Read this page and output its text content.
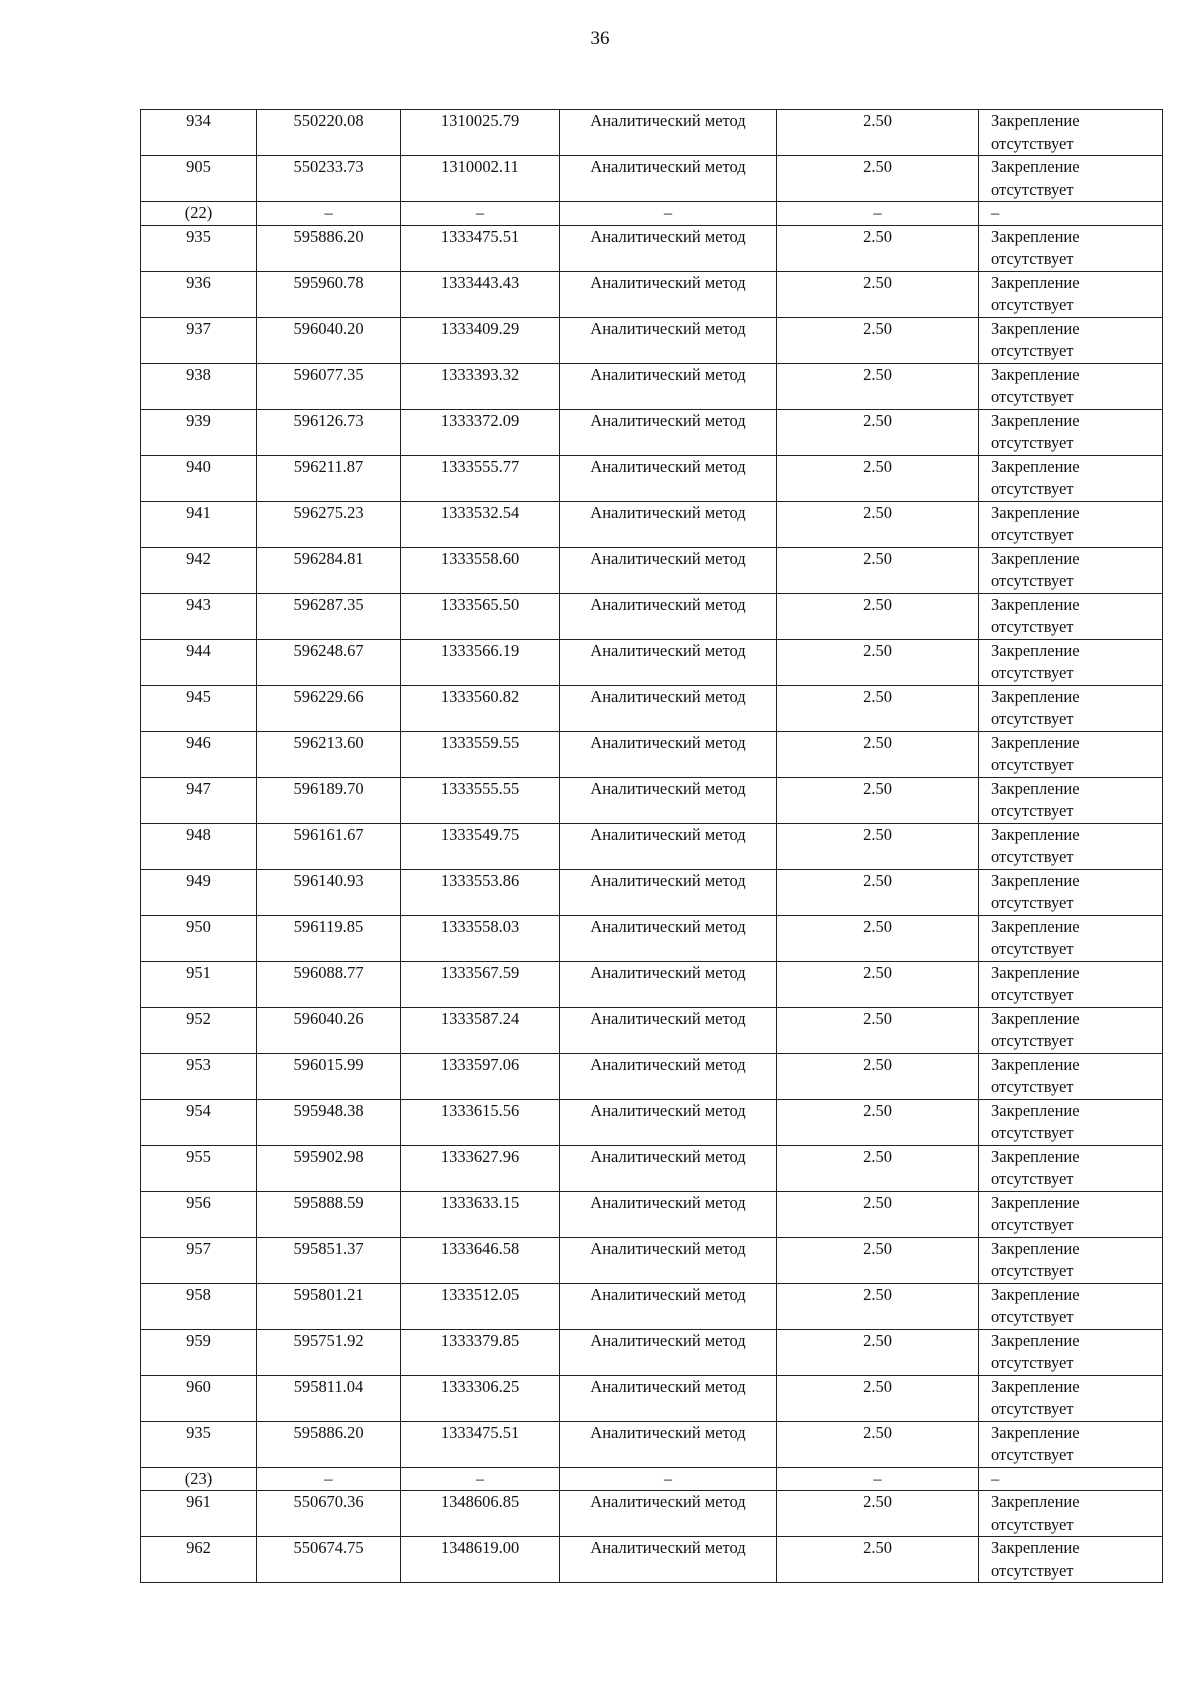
36
934	550220.08	1310025.79	Аналитический метод	2.50	Закрепление
отсутствует

905	550233.73	1310002.11	Аналитический метод	2.50	Закрепление
отсутствует

(22)	–	–	–	–	–
935	595886.20	1333475.51	Аналитический метод	2.50	Закрепление
отсутствует

936	595960.78	1333443.43	Аналитический метод	2.50	Закрепление
отсутствует

937	596040.20	1333409.29	Аналитический метод	2.50	Закрепление
отсутствует

938	596077.35	1333393.32	Аналитический метод	2.50	Закрепление
отсутствует

939	596126.73	1333372.09	Аналитический метод	2.50	Закрепление
отсутствует

940	596211.87	1333555.77	Аналитический метод	2.50	Закрепление
отсутствует

941	596275.23	1333532.54	Аналитический метод	2.50	Закрепление
отсутствует

942	596284.81	1333558.60	Аналитический метод	2.50	Закрепление
отсутствует

943	596287.35	1333565.50	Аналитический метод	2.50	Закрепление
отсутствует

944	596248.67	1333566.19	Аналитический метод	2.50	Закрепление
отсутствует

945	596229.66	1333560.82	Аналитический метод	2.50	Закрепление
отсутствует

946	596213.60	1333559.55	Аналитический метод	2.50	Закрепление
отсутствует

947	596189.70	1333555.55	Аналитический метод	2.50	Закрепление
отсутствует

948	596161.67	1333549.75	Аналитический метод	2.50	Закрепление
отсутствует

949	596140.93	1333553.86	Аналитический метод	2.50	Закрепление
отсутствует

950	596119.85	1333558.03	Аналитический метод	2.50	Закрепление
отсутствует

951	596088.77	1333567.59	Аналитический метод	2.50	Закрепление
отсутствует

952	596040.26	1333587.24	Аналитический метод	2.50	Закрепление
отсутствует

953	596015.99	1333597.06	Аналитический метод	2.50	Закрепление
отсутствует

954	595948.38	1333615.56	Аналитический метод	2.50	Закрепление
отсутствует

955	595902.98	1333627.96	Аналитический метод	2.50	Закрепление
отсутствует

956	595888.59	1333633.15	Аналитический метод	2.50	Закрепление
отсутствует

957	595851.37	1333646.58	Аналитический метод	2.50	Закрепление
отсутствует

958	595801.21	1333512.05	Аналитический метод	2.50	Закрепление
отсутствует

959	595751.92	1333379.85	Аналитический метод	2.50	Закрепление
отсутствует

960	595811.04	1333306.25	Аналитический метод	2.50	Закрепление
отсутствует

935	595886.20	1333475.51	Аналитический метод	2.50	Закрепление
отсутствует

(23)	–	–	–	–	–
961	550670.36	1348606.85	Аналитический метод	2.50	Закрепление
отсутствует

962	550674.75	1348619.00	Аналитический метод	2.50	Закрепление
отсутствует
